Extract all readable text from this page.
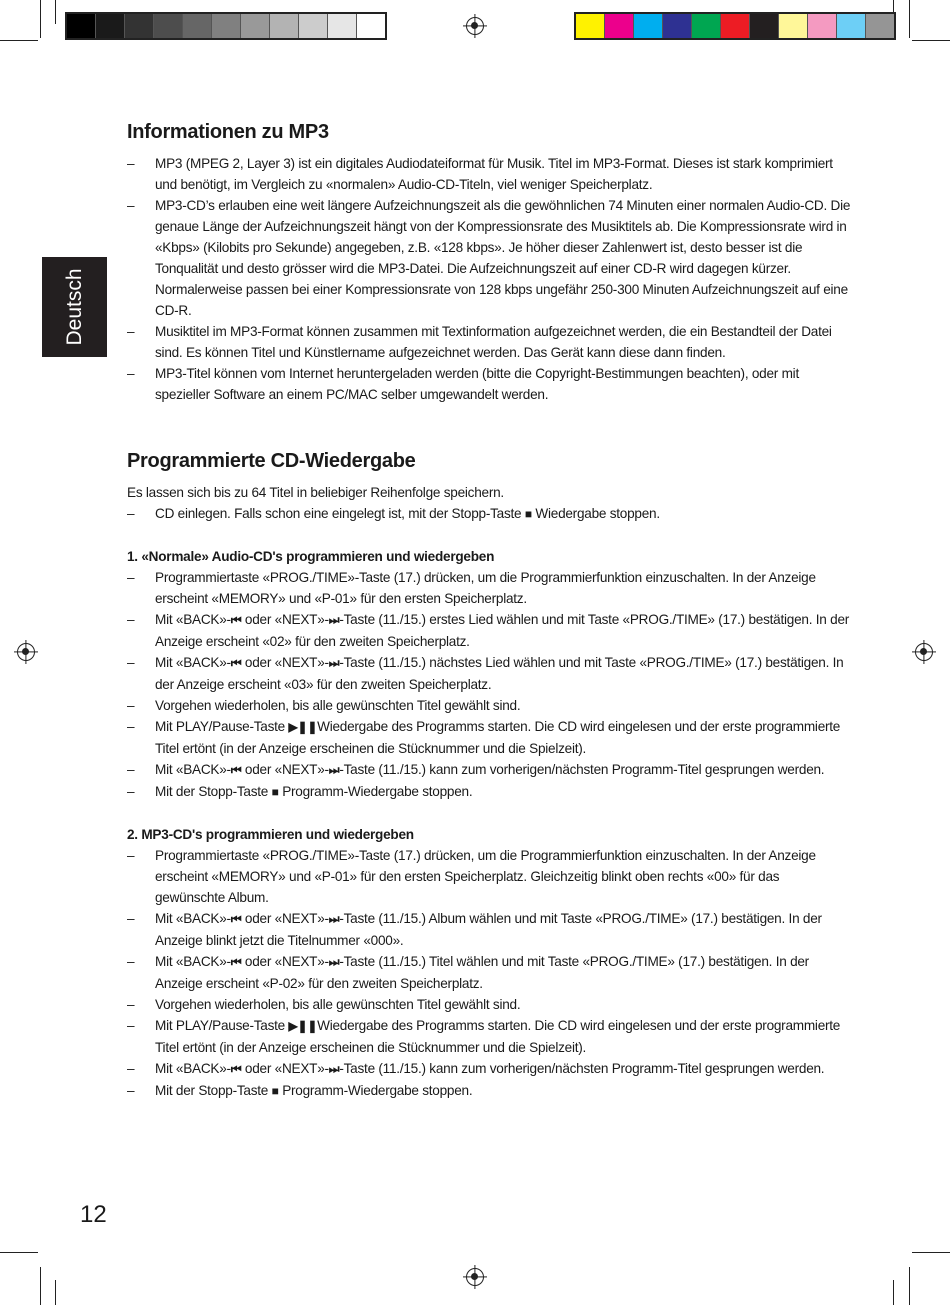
Deutsch
Informationen zu MP3
– MP3 (MPEG 2, Layer 3) ist ein digitales Audiodateiformat für Musik. Titel im MP3-Format. Dieses ist stark komprimiert und benötigt, im Vergleich zu «normalen» Audio-CD-Titeln, viel weniger Speicherplatz.
– MP3-CD’s erlauben eine weit längere Aufzeichnungszeit als die gewöhnlichen 74 Minuten einer normalen Audio-CD. Die genaue Länge der Aufzeichnungszeit hängt von der Kompressionsrate des Musiktitels ab. Die Kompressionsrate wird in «Kbps» (Kilobits pro Sekunde) angegeben, z.B. «128 kbps». Je höher dieser Zahlenwert ist, desto besser ist die Tonqualität und desto grösser wird die MP3-Datei. Die Aufzeichnungszeit auf einer CD-R wird dagegen kürzer. Normalerweise passen bei einer Kompressionsrate von 128 kbps ungefähr 250-300 Minuten Aufzeichnungszeit auf eine CD-R.
– Musiktitel im MP3-Format können zusammen mit Textinformation aufgezeichnet werden, die ein Bestandteil der Datei sind. Es können Titel und Künstlername aufgezeichnet werden. Das Gerät kann diese dann finden.
– MP3-Titel können vom Internet heruntergeladen werden (bitte die Copyright-Bestimmungen beachten), oder mit spezieller Software an einem PC/MAC selber umgewandelt werden.
Programmierte CD-Wiedergabe

Es lassen sich bis zu 64 Titel in beliebiger Reihenfolge speichern.

– CD einlegen. Falls schon eine eingelegt ist, mit der Stopp-Taste ■ Wiedergabe stoppen.
1. «Normale» Audio-CD's programmieren und wiedergeben
– Programmiertaste «PROG./TIME»-Taste (17.) drücken, um die Programmierfunktion einzuschalten. In der Anzeige erscheint «MEMORY» und «P-01» für den ersten Speicherplatz.
– Mit «BACK»-⏮ oder «NEXT»-⏭-Taste (11./15.) erstes Lied wählen und mit Taste «PROG./TIME» (17.) bestätigen. In der Anzeige erscheint «02» für den zweiten Speicherplatz.
– Mit «BACK»-⏮ oder «NEXT»-⏭-Taste (11./15.) nächstes Lied wählen und mit Taste «PROG./TIME» (17.) bestätigen. In der Anzeige erscheint «03» für den zweiten Speicherplatz.
– Vorgehen wiederholen, bis alle gewünschten Titel gewählt sind.
– Mit PLAY/Pause-Taste ▶❚❚Wiedergabe des Programms starten. Die CD wird eingelesen und der erste programmierte Titel ertönt (in der Anzeige erscheinen die Stücknummer und die Spielzeit).
– Mit «BACK»-⏮ oder «NEXT»-⏭-Taste (11./15.) kann zum vorherigen/nächsten Programm-Titel gesprungen werden.
– Mit der Stopp-Taste ■ Programm-Wiedergabe stoppen.
2. MP3-CD's programmieren und wiedergeben
– Programmiertaste «PROG./TIME»-Taste (17.) drücken, um die Programmierfunktion einzuschalten. In der Anzeige erscheint «MEMORY» und «P-01» für den ersten Speicherplatz. Gleichzeitig blinkt oben rechts «00» für das gewünschte Album.
– Mit «BACK»-⏮ oder «NEXT»-⏭-Taste (11./15.) Album wählen und mit Taste «PROG./TIME» (17.) bestätigen. In der Anzeige blinkt jetzt die Titelnummer «000».
– Mit «BACK»-⏮ oder «NEXT»-⏭-Taste (11./15.) Titel wählen und mit Taste «PROG./TIME» (17.) bestätigen. In der Anzeige erscheint «P-02» für den zweiten Speicherplatz.
– Vorgehen wiederholen, bis alle gewünschten Titel gewählt sind.
– Mit PLAY/Pause-Taste ▶❚❚Wiedergabe des Programms starten. Die CD wird eingelesen und der erste programmierte Titel ertönt (in der Anzeige erscheinen die Stücknummer und die Spielzeit).
– Mit «BACK»-⏮ oder «NEXT»-⏭-Taste (11./15.) kann zum vorherigen/nächsten Programm-Titel gesprungen werden.
– Mit der Stopp-Taste ■ Programm-Wiedergabe stoppen.
12
